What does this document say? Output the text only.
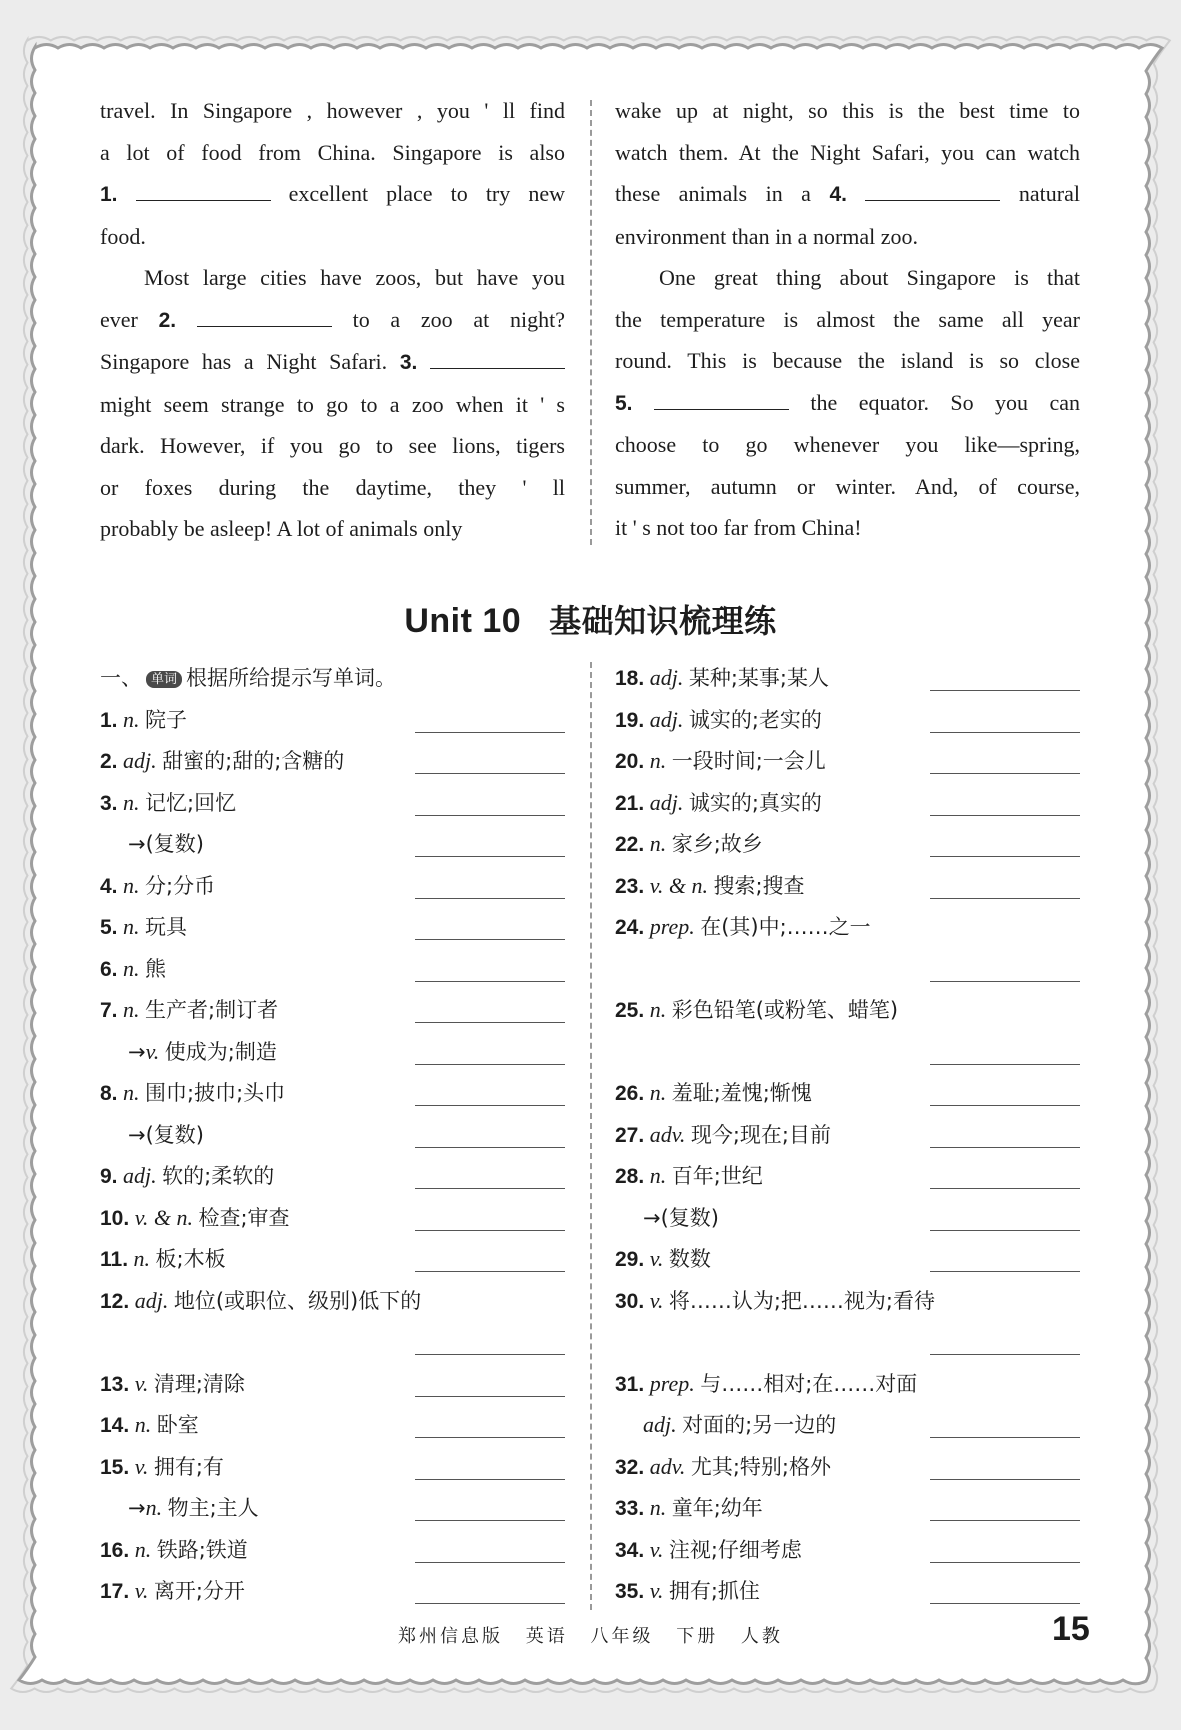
travel. In Singapore , however , you ' ll find

a lot of food from China. Singapore is also

1.	excellent place to try new

food.

Most large cities have zoos, but have you

ever 2.	to a zoo at night?

Singapore has a Night Safari. 3.

might seem strange to go to a zoo when it ' s

dark. However, if you go to see lions, tigers

or foxes during the daytime, they ' ll

probably be asleep! A lot of animals only

wake up at night, so this is the best time to

watch them. At the Night Safari, you can watch

these animals in a 4.	natural

environment than in a normal zoo.

One great thing about Singapore is that

the temperature is almost the same all year

round. This is because the island is so close

5.	the equator. So you can

choose to go whenever you like—spring,

summer, autumn or winter. And, of course,

it ' s not too far from China!

Unit 10 基础知识梳理练
一、 单词 根据所给提示写单词。
1. n. 院子
2. adj. 甜蜜的;甜的;含糖的
3. n. 记忆;回忆
→(复数)
4. n. 分;分币
5. n. 玩具
6. n. 熊
7. n. 生产者;制订者
→v. 使成为;制造
8. n. 围巾;披巾;头巾
→(复数)
9. adj. 软的;柔软的
10. v. & n. 检查;审查
11. n. 板;木板
12. adj. 地位(或职位、级别)低下的
13. v. 清理;清除
14. n. 卧室
15. v. 拥有;有
→n. 物主;主人
16. n. 铁路;铁道
17. v. 离开;分开
18. adj. 某种;某事;某人
19. adj. 诚实的;老实的
20. n. 一段时间;一会儿
21. adj. 诚实的;真实的
22. n. 家乡;故乡
23. v. & n. 搜索;搜查
24. prep. 在(其)中;……之一
25. n. 彩色铅笔(或粉笔、蜡笔)
26. n. 羞耻;羞愧;惭愧
27. adv. 现今;现在;目前
28. n. 百年;世纪
→(复数)
29. v. 数数
30. v. 将……认为;把……视为;看待
31. prep. 与……相对;在……对面
adj. 对面的;另一边的
32. adv. 尤其;特别;格外
33. n. 童年;幼年
34. v. 注视;仔细考虑
35. v. 拥有;抓住
郑州信息版 英语 八年级 下册 人教	15
